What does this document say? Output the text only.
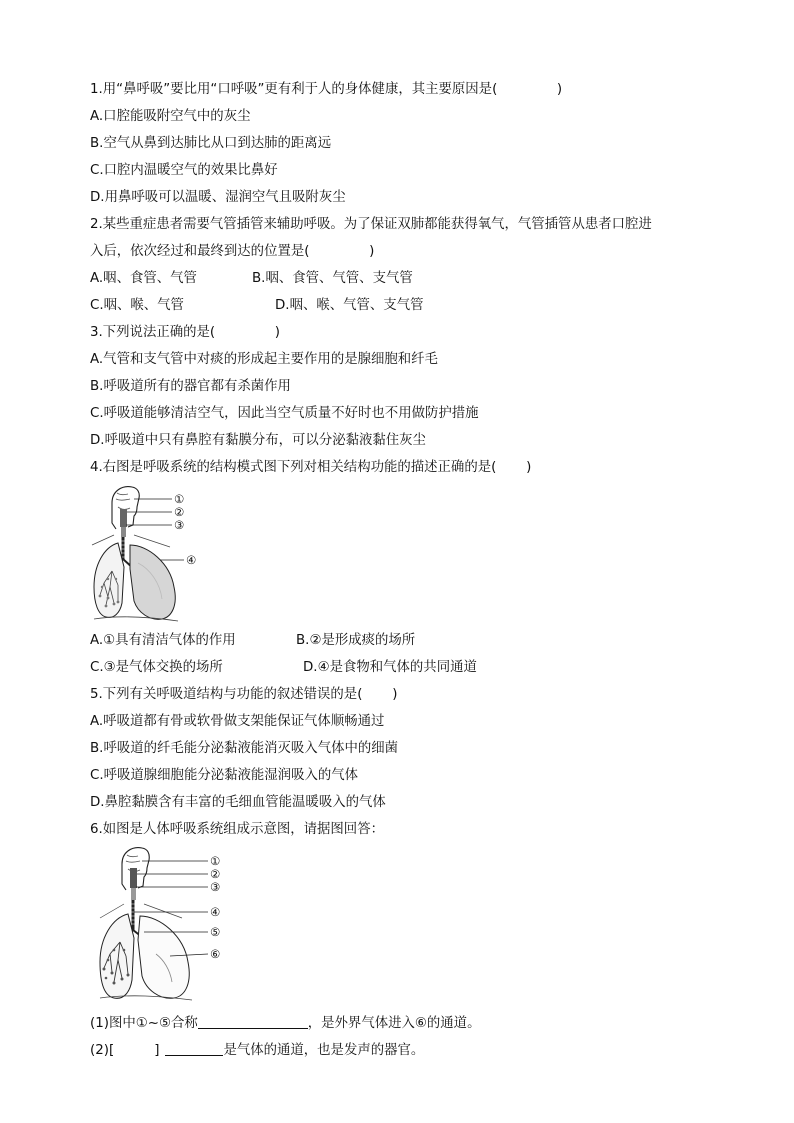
1.用“鼻呼吸”要比用“口呼吸”更有利于人的身体健康，其主要原因是(              )
A.口腔能吸附空气中的灰尘
B.空气从鼻到达肺比从口到达肺的距离远
C.口腔内温暖空气的效果比鼻好
D.用鼻呼吸可以温暖、湿润空气且吸附灰尘
2.某些重症患者需要气管插管来辅助呼吸。为了保证双肺都能获得氧气，气管插管从患者口腔进
入后，依次经过和最终到达的位置是(              )
A.咽、食管、气管	B.咽、食管、气管、支气管
C.咽、喉、气管	D.咽、喉、气管、支气管
3.下列说法正确的是(              )
A.气管和支气管中对痰的形成起主要作用的是腺细胞和纤毛
B.呼吸道所有的器官都有杀菌作用
C.呼吸道能够清洁空气，因此当空气质量不好时也不用做防护措施
D.呼吸道中只有鼻腔有黏膜分布，可以分泌黏液黏住灰尘
4.右图是呼吸系统的结构模式图下列对相关结构功能的描述正确的是(       )
①
②
③
④
A.①具有清洁气体的作用	B.②是形成痰的场所
C.③是气体交换的场所	D.④是食物和气体的共同通道
5.下列有关呼吸道结构与功能的叙述错误的是(       )
A.呼吸道都有骨或软骨做支架能保证气体顺畅通过
B.呼吸道的纤毛能分泌黏液能消灭吸入气体中的细菌
C.呼吸道腺细胞能分泌黏液能湿润吸入的气体
D.鼻腔黏膜含有丰富的毛细血管能温暖吸入的气体
6.如图是人体呼吸系统组成示意图，请据图回答：
①
②
③
④
⑤
⑥
(1)图中①~⑤合称	，是外界气体进入⑥的通道。
(2)[	]	是气体的通道，也是发声的器官。
